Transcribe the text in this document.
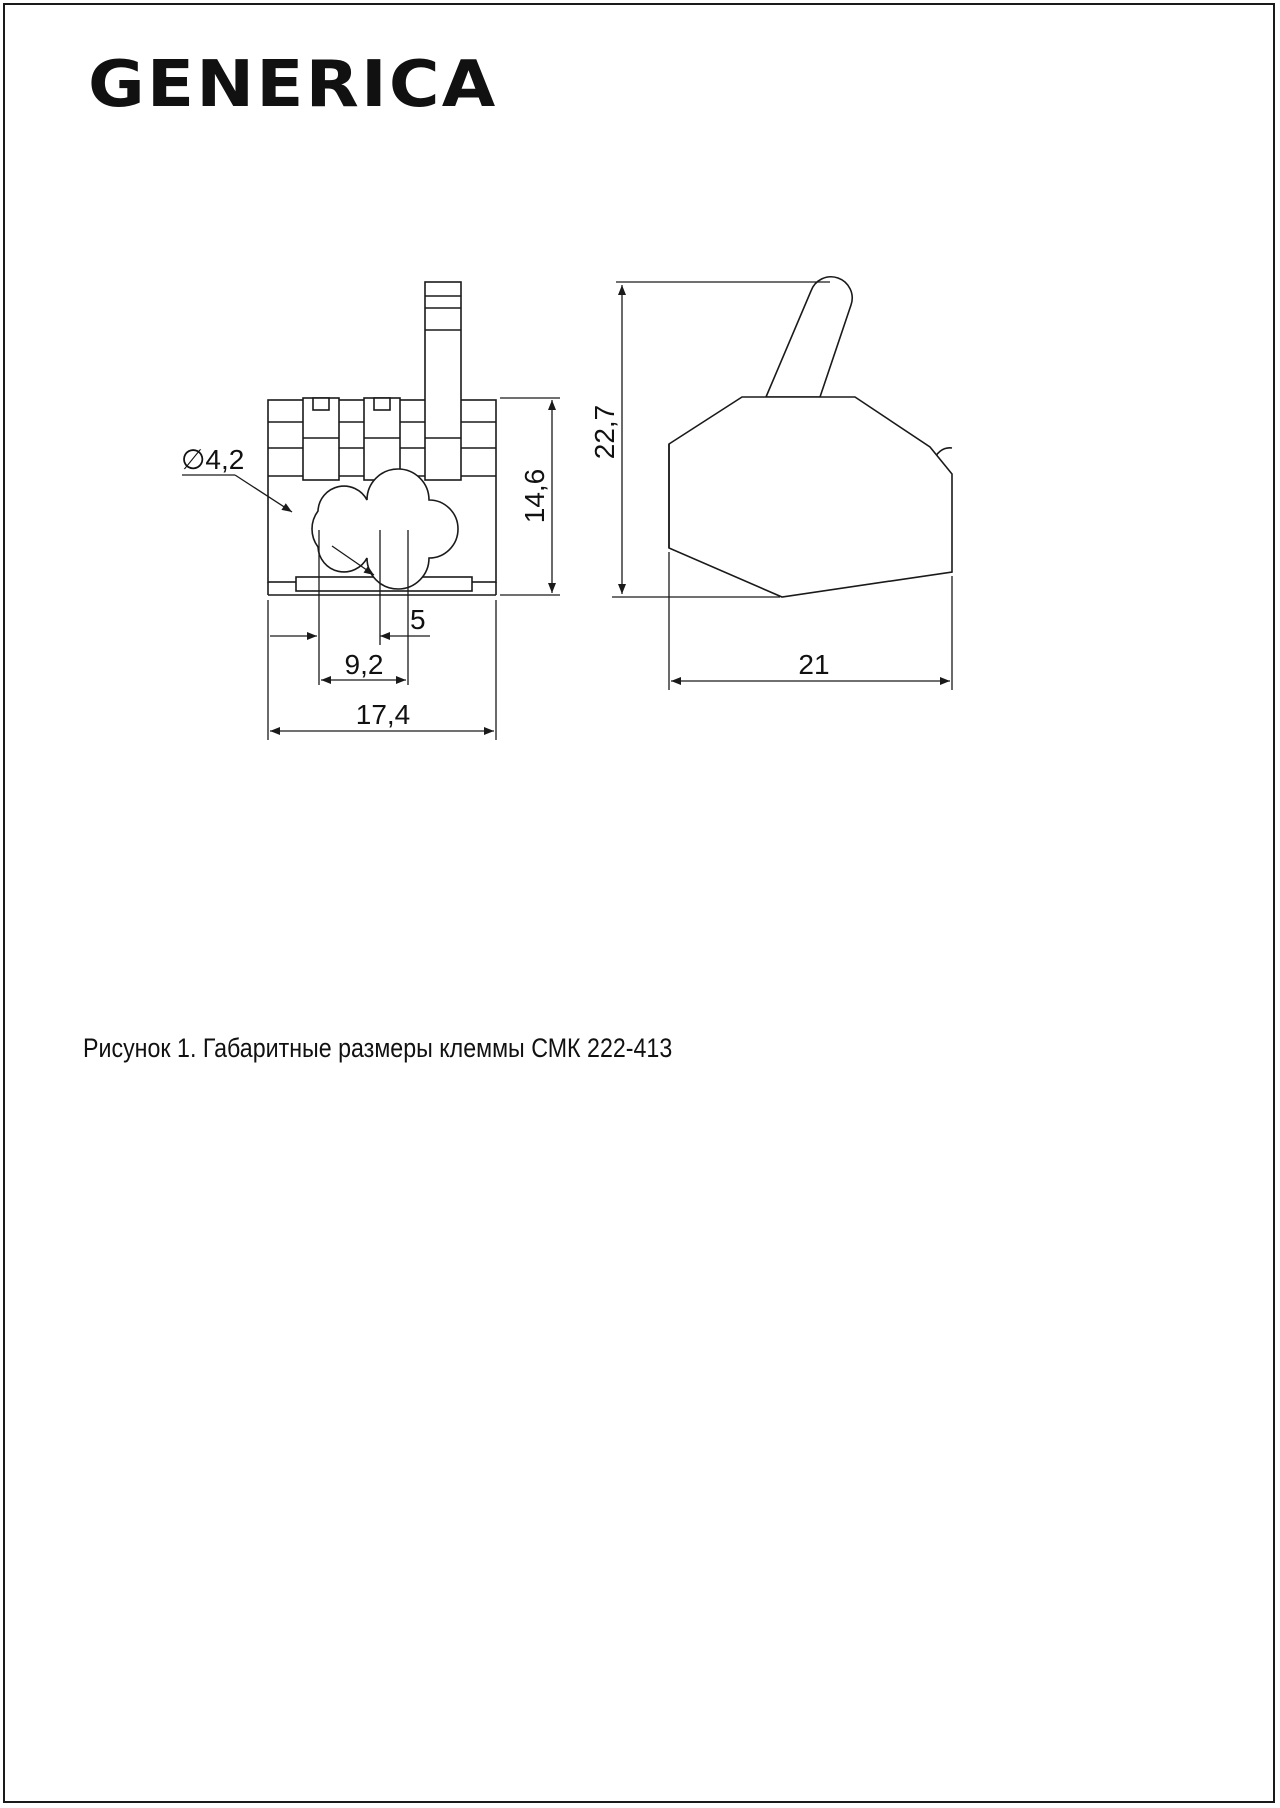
GENERICA
∅4,2
5
9,2
17,4
14,6
22,7
21
Рисунок 1. Габаритные размеры клеммы СМК 222-413
